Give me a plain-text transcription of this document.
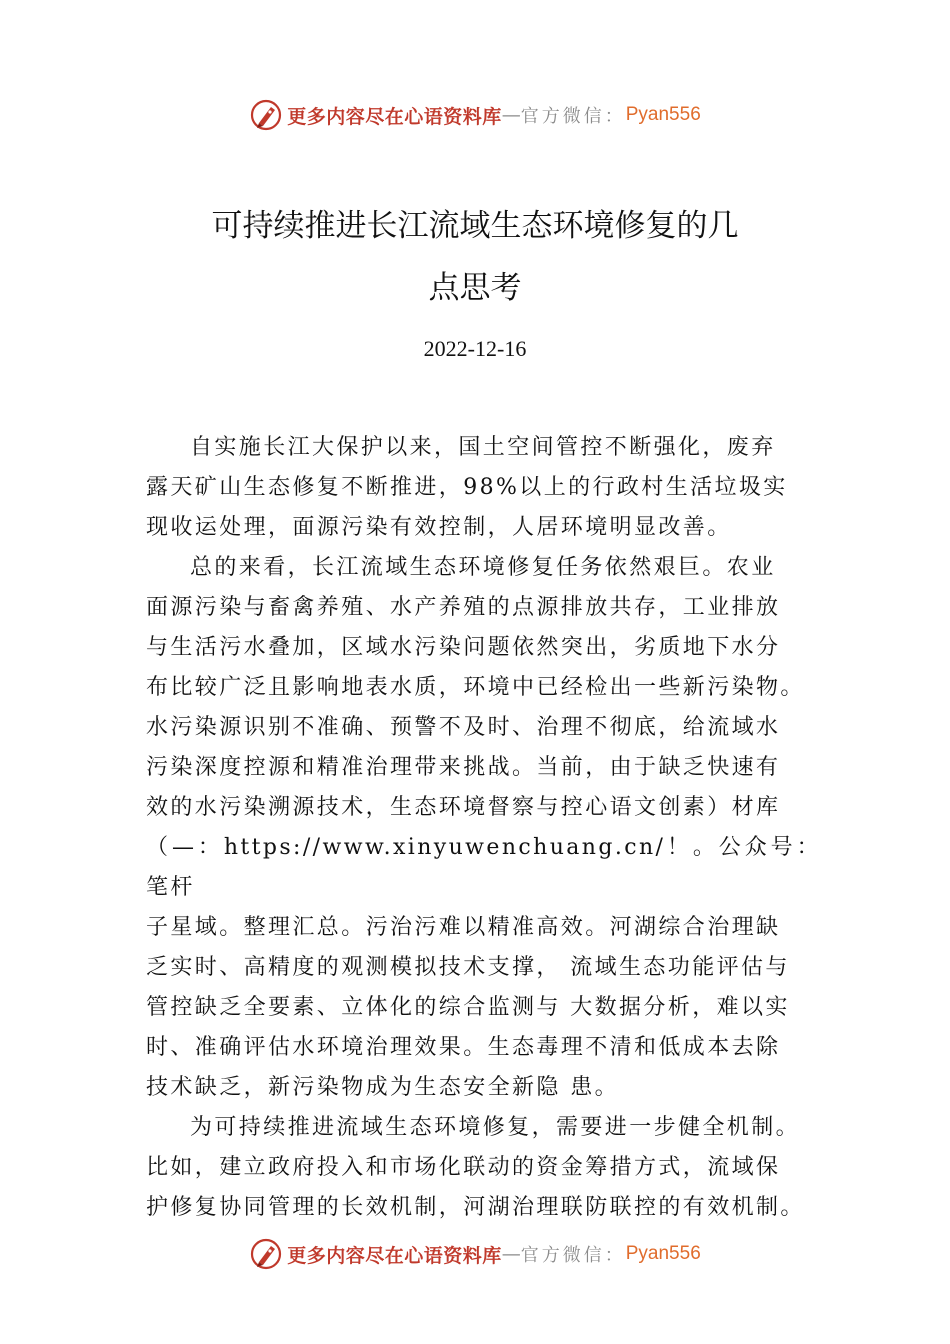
更多内容尽在心语资料库 — 官方微信： Pyan556
可持续推进长江流域生态环境修复的几
点思考
2022-12-16

自实施长江大保护以来，国土空间管控不断强化，废弃
露天矿山生态修复不断推进，98%以上的行政村生活垃圾实
现收运处理，面源污染有效控制，人居环境明显改善。

总的来看，长江流域生态环境修复任务依然艰巨。农业
面源污染与畜禽养殖、水产养殖的点源排放共存，工业排放
与生活污水叠加，区域水污染问题依然突出，劣质地下水分
布比较广泛且影响地表水质，环境中已经检出一些新污染物。
水污染源识别不准确、预警不及时、治理不彻底，给流域水
污染深度控源和精准治理带来挑战。当前，由于缺乏快速有
效的水污染溯源技术，生态环境督察与控心语文创素）材库
（—：https://www.xinyuwenchuang.cn/！。公众号：笔杆
子星域。整理汇总。污治污难以精准高效。河湖综合治理缺
乏实时、高精度的观测模拟技术支撑， 流域生态功能评估与
管控缺乏全要素、立体化的综合监测与 大数据分析，难以实
时、准确评估水环境治理效果。生态毒理不清和低成本去除
技术缺乏，新污染物成为生态安全新隐 患。

为可持续推进流域生态环境修复，需要进一步健全机制。
比如，建立政府投入和市场化联动的资金筹措方式，流域保
护修复协同管理的长效机制，河湖治理联防联控的有效机制。

更多内容尽在心语资料库 — 官方微信： Pyan556
